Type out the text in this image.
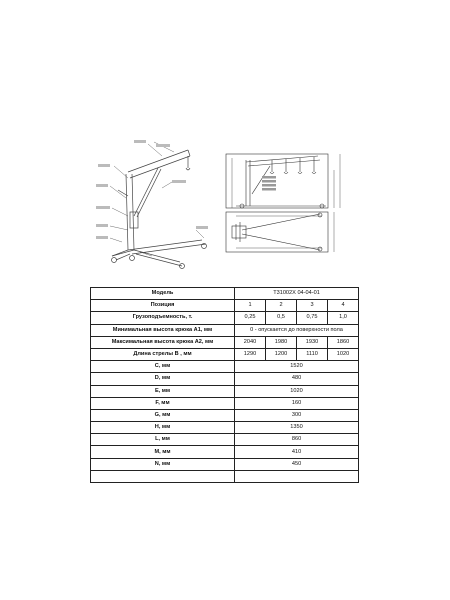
Модель	T31002X 04-04-01			
Позиция	1	2	3	4
Грузоподъемность, т.	0,25	0,5	0,75	1,0
Минимальная высота крюка A1, мм	0 - опускается до поверхности пола			
Максимальная высота крюка A2, мм	2040	1980	1930	1860
Длина стрелы B , мм	1290	1200	1110	1020
C, мм	1520			
D, мм	480			
E, мм	1020			
F, мм	160			
G, мм	300			
H, мм	1350			
L, мм	860			
M, мм	410			
N, мм	450			
